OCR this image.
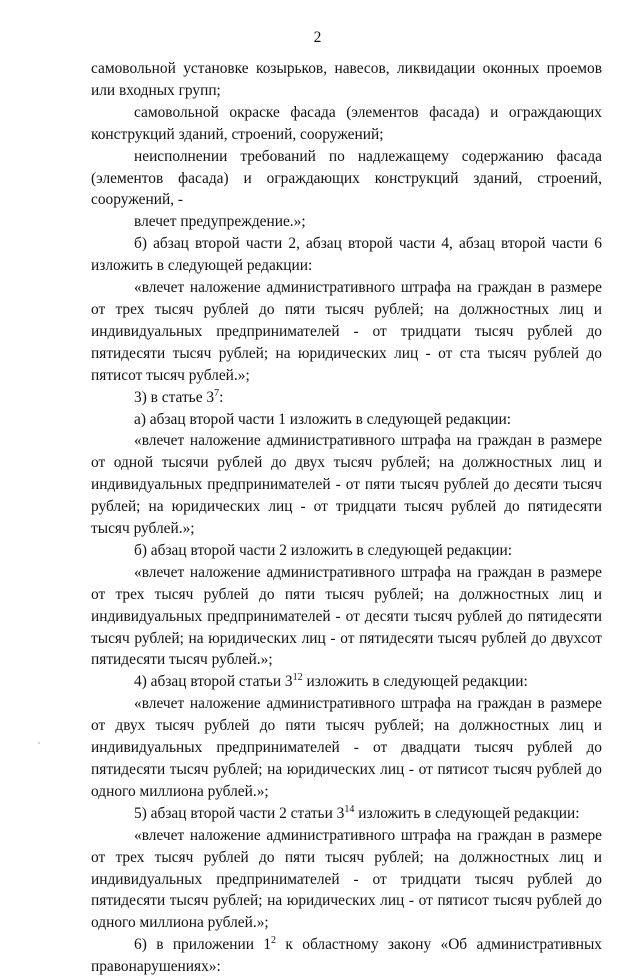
2

самовольной установке козырьков, навесов, ликвидации оконных проемов или входных групп;

самовольной окраске фасада (элементов фасада) и ограждающих конструкций зданий, строений, сооружений;

неисполнении требований по надлежащему содержанию фасада (элементов фасада) и ограждающих конструкций зданий, строений, сооружений, -

влечет предупреждение.»;

б) абзац второй части 2, абзац второй части 4, абзац второй части 6 изложить в следующей редакции:

«влечет наложение административного штрафа на граждан в размере от трех тысяч рублей до пяти тысяч рублей; на должностных лиц и индивидуальных предпринимателей - от тридцати тысяч рублей до пятидесяти тысяч рублей; на юридических лиц - от ста тысяч рублей до пятисот тысяч рублей.»;

3) в статье $3^7$:

а) абзац второй части 1 изложить в следующей редакции:

«влечет наложение административного штрафа на граждан в размере от одной тысячи рублей до двух тысяч рублей; на должностных лиц и индивидуальных предпринимателей - от пяти тысяч рублей до десяти тысяч рублей; на юридических лиц - от тридцати тысяч рублей до пятидесяти тысяч рублей.»;

б) абзац второй части 2 изложить в следующей редакции:

«влечет наложение административного штрафа на граждан в размере от трех тысяч рублей до пяти тысяч рублей; на должностных лиц и индивидуальных предпринимателей - от десяти тысяч рублей до пятидесяти тысяч рублей; на юридических лиц - от пятидесяти тысяч рублей до двухсот пятидесяти тысяч рублей.»;

4) абзац второй статьи $3^{12}$ изложить в следующей редакции:

«влечет наложение административного штрафа на граждан в размере от двух тысяч рублей до пяти тысяч рублей; на должностных лиц и индивидуальных предпринимателей - от двадцати тысяч рублей до пятидесяти тысяч рублей; на юридических лиц - от пятисот тысяч рублей до одного миллиона рублей.»;

5) абзац второй части 2 статьи $3^{14}$ изложить в следующей редакции:

«влечет наложение административного штрафа на граждан в размере от трех тысяч рублей до пяти тысяч рублей; на должностных лиц и индивидуальных предпринимателей - от тридцати тысяч рублей до пятидесяти тысяч рублей; на юридических лиц - от пятисот тысяч рублей до одного миллиона рублей.»;

6) в приложении $1^2$ к областному закону «Об административных правонарушениях»:
